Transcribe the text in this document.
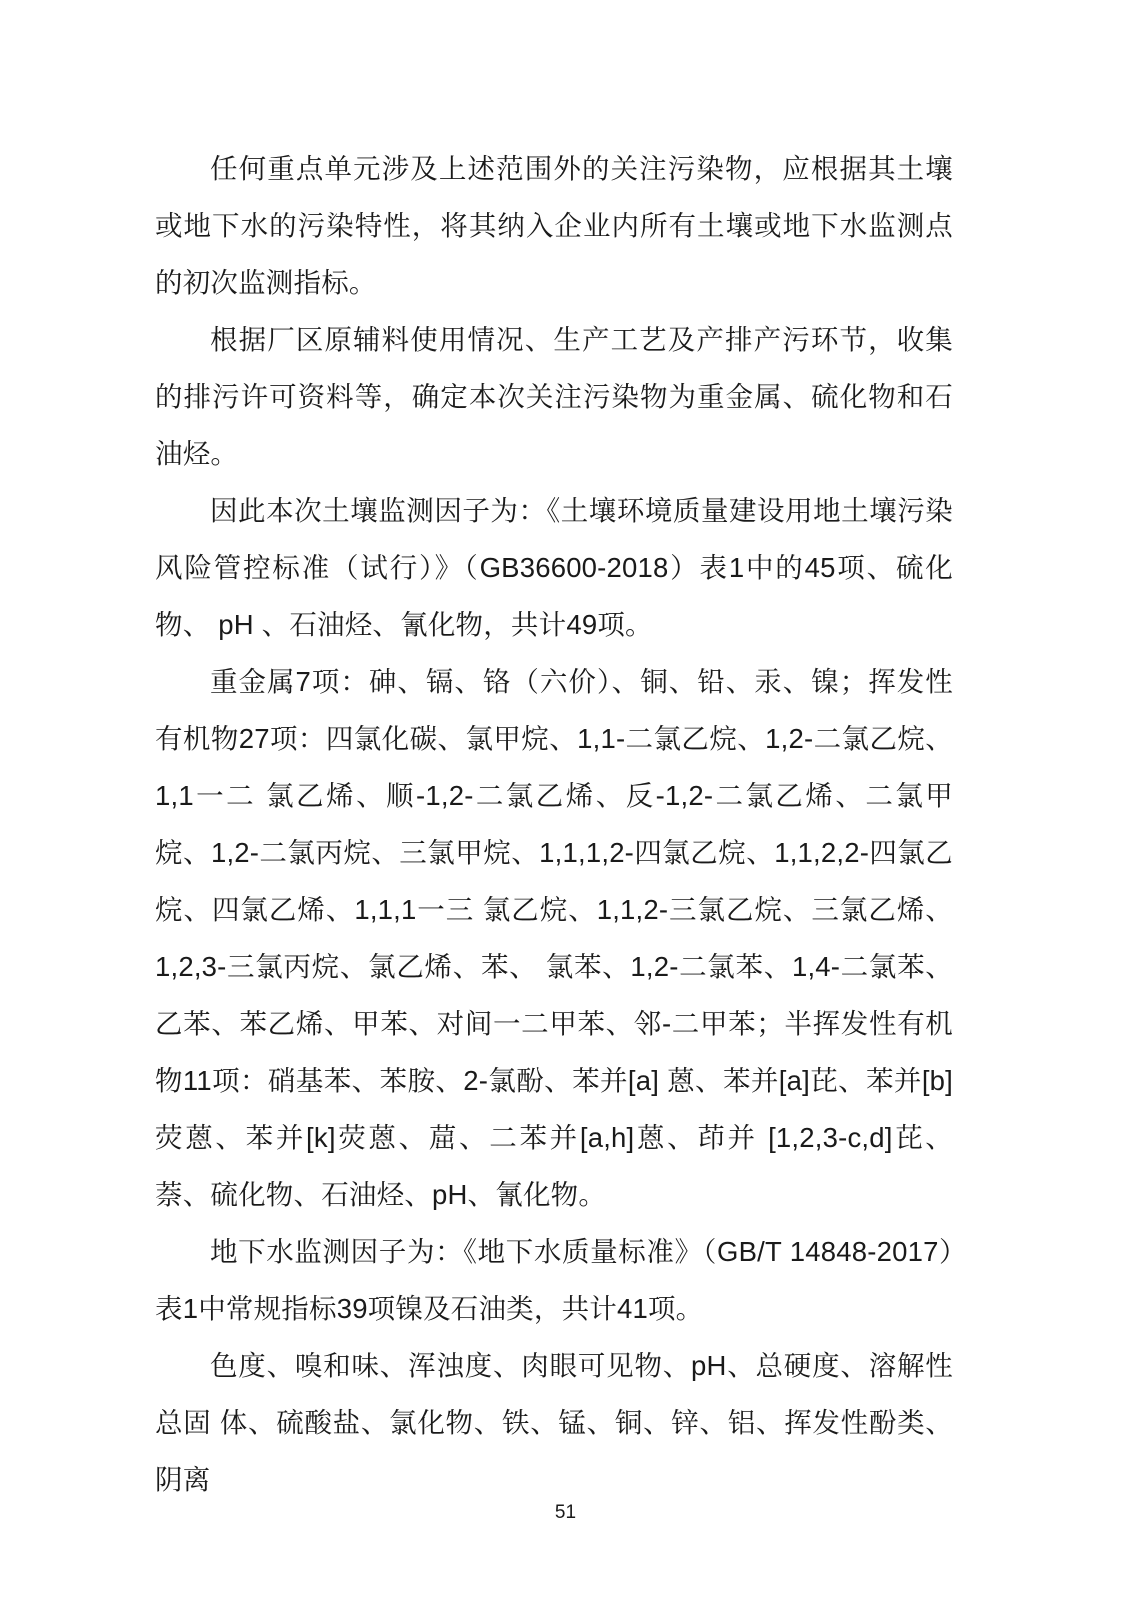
任何重点单元涉及上述范围外的关注污染物，应根据其土壤或地下水的污染特性，将其纳入企业内所有土壤或地下水监测点的初次监测指标。

根据厂区原辅料使用情况、生产工艺及产排产污环节，收集的排污许可资料等，确定本次关注污染物为重金属、硫化物和石油烃。

因此本次土壤监测因子为：《土壤环境质量建设用地土壤污染风险管控标准（试行）》（GB36600-2018）表1中的45项、硫化物、 pH 、石油烃、氰化物，共计49项。

重金属7项：砷、镉、铬（六价）、铜、铅、汞、镍；挥发性有机物27项：四氯化碳、氯甲烷、1,1-二氯乙烷、1,2-二氯乙烷、1,1一二 氯乙烯、顺-1,2-二氯乙烯、反-1,2-二氯乙烯、二氯甲烷、1,2-二氯丙烷、三氯甲烷、1,1,1,2-四氯乙烷、1,1,2,2-四氯乙烷、四氯乙烯、1,1,1一三 氯乙烷、1,1,2-三氯乙烷、三氯乙烯、1,2,3-三氯丙烷、氯乙烯、苯、 氯苯、1,2-二氯苯、1,4-二氯苯、乙苯、苯乙烯、甲苯、对间一二甲苯、邻-二甲苯；半挥发性有机物11项：硝基苯、苯胺、2-氯酚、苯并[a] 蒽、苯并[a]芘、苯并[b]荧蒽、苯并[k]荧蒽、䓛、二苯并[a,h]蒽、茚并 [1,2,3-c,d]芘、萘、硫化物、石油烃、pH、氰化物。

地下水监测因子为：《地下水质量标准》（GB/T 14848-2017）表1中常规指标39项镍及石油类，共计41项。

色度、嗅和味、浑浊度、肉眼可见物、pH、总硬度、溶解性总固 体、硫酸盐、氯化物、铁、锰、铜、锌、铝、挥发性酚类、阴离

51
